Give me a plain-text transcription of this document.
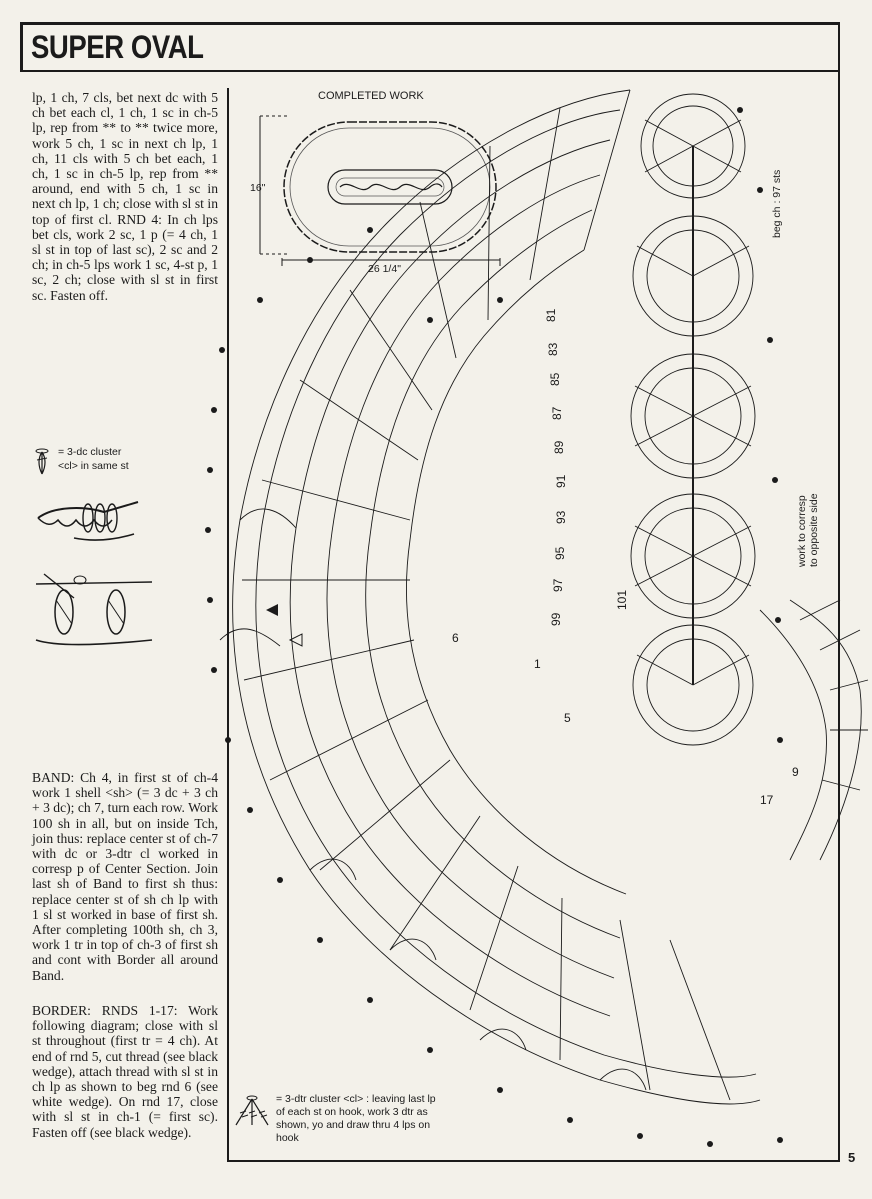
SUPER OVAL

lp, 1 ch, 7 cls, bet next dc with 5 ch bet each cl, 1 ch, 1 sc in ch-5 lp, rep from ** to ** twice more, work 5 ch, 1 sc in next ch lp, 1 ch, 11 cls with 5 ch bet each, 1 ch, 1 sc in ch-5 lp, rep from ** around, end with 5 ch, 1 sc in next ch lp, 1 ch; close with sl st in top of first cl. RND 4: In ch lps bet cls, work 2 sc, 1 p (= 4 ch, 1 sl st in top of last sc), 2 sc and 2 ch; in ch-5 lps work 1 sc, 4-st p, 1 sc, 2 ch; close with sl st in first sc. Fasten off.

= 3-dc cluster
<cl> in same st

BAND: Ch 4, in first st of ch-4 work 1 shell <sh> (= 3 dc + 3 ch + 3 dc); ch 7, turn each row. Work 100 sh in all, but on inside Tch, join thus: replace center st of ch-7 with dc or 3-dtr cl worked in corresp p of Center Section. Join last sh of Band to first sh thus: replace center st of sh ch lp with 1 sl st worked in base of first sh. After completing 100th sh, ch 3, work 1 tr in top of ch-3 of first sh and cont with Border all around Band.

BORDER: RNDS 1-17: Work following diagram; close with sl st throughout (first tr = 4 ch). At end of rnd 5, cut thread (see black wedge), attach thread with sl st in ch lp as shown to beg rnd 6 (see white wedge). On rnd 17, close with sl st in ch-1 (= first sc). Fasten off (see black wedge).

COMPLETED WORK
16"
26 1/4"
81
83
85
87
89
91
93
95
97
99
101
1
5
6
9
17
beg ch : 97 sts
work to corresp to opposite side
= 3-dtr cluster <cl> : leaving last lp of each st on hook, work 3 dtr as shown, yo and draw thru 4 lps on hook
5
